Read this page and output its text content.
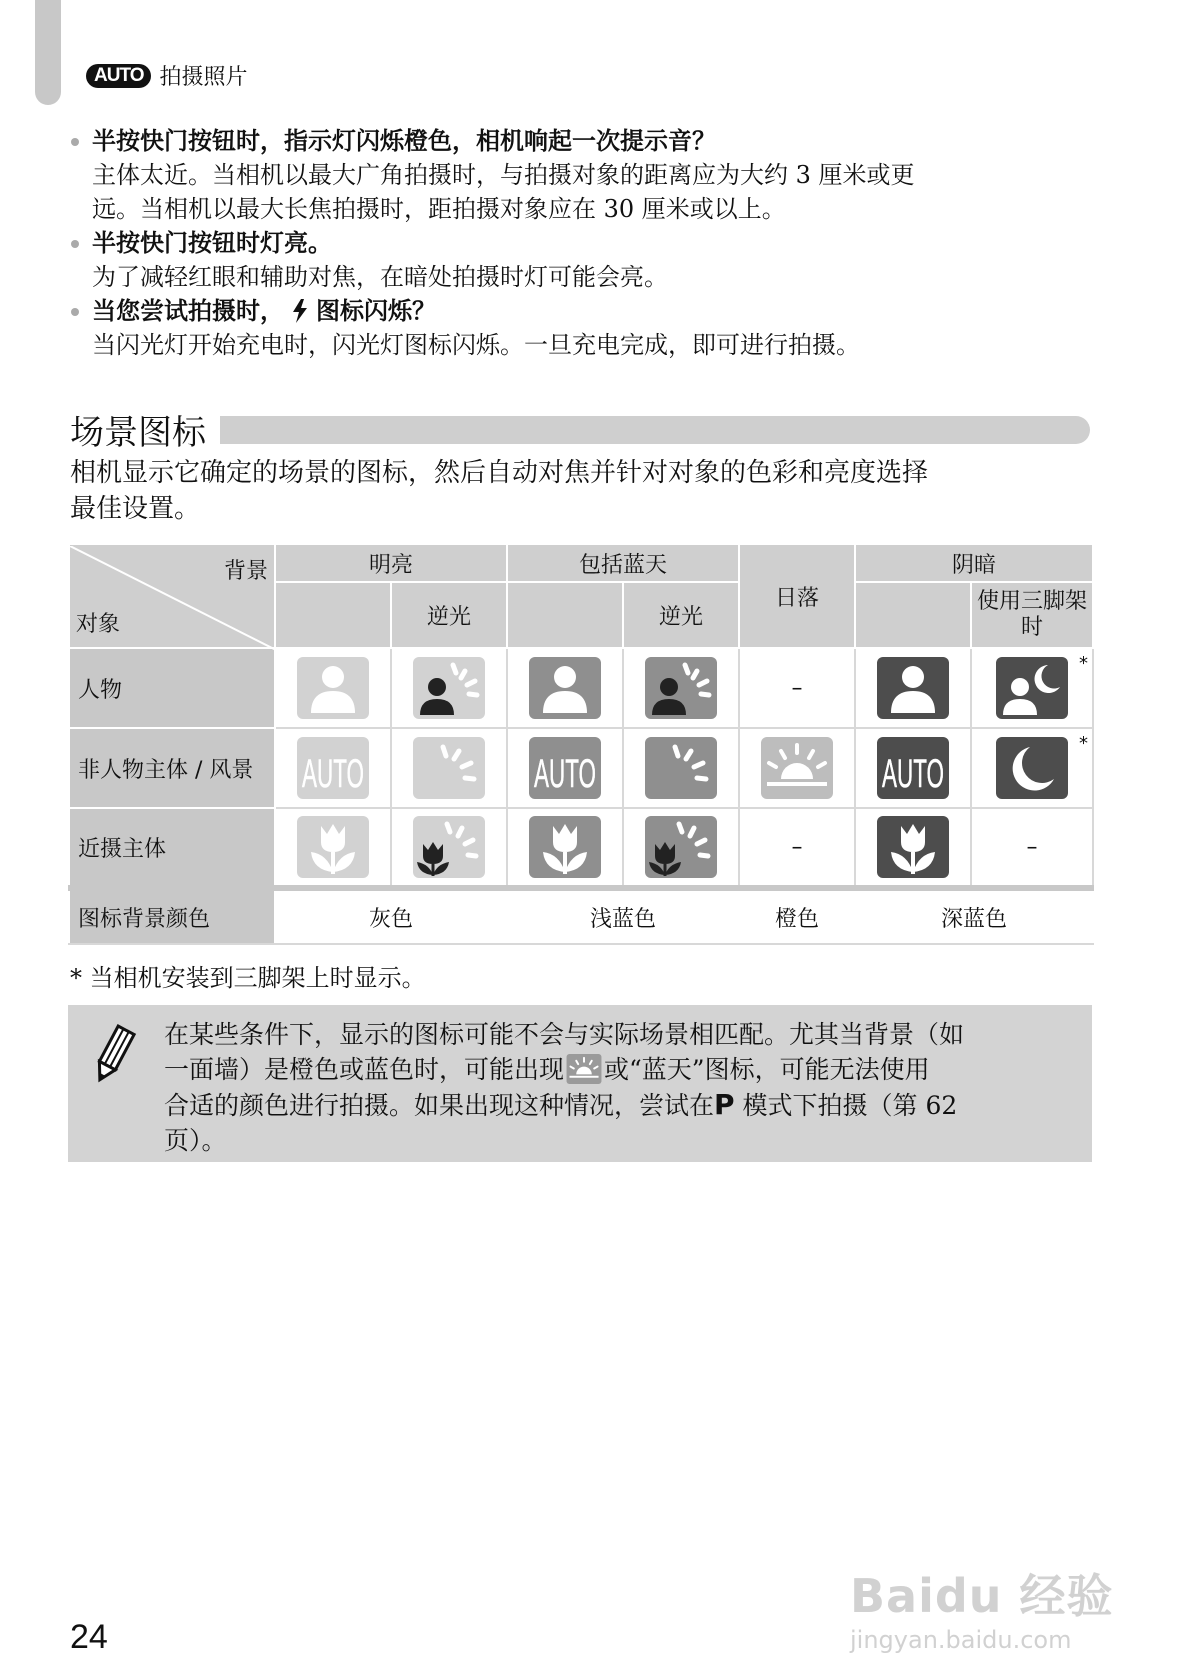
AUTO 拍摄照片
半按快门按钮时，指示灯闪烁橙色，相机响起一次提示音？
主体太近。当相机以最大广角拍摄时，与拍摄对象的距离应为大约 3 厘米或更
远。当相机以最大长焦拍摄时，距拍摄对象应在 30 厘米或以上。
半按快门按钮时灯亮。
为了减轻红眼和辅助对焦，在暗处拍摄时灯可能会亮。
当您尝试拍摄时， 图标闪烁？
当闪光灯开始充电时，闪光灯图标闪烁。一旦充电完成，即可进行拍摄。
场景图标
相机显示它确定的场景的图标，然后自动对焦并针对对象的色彩和亮度选择
最佳设置。
背景
对象	明亮		包括蓝天		日落	阴暗	
		逆光		逆光			使用三脚架时
人物					–		*

非人物主体 / 风景							*

近摄主体					–		–
图标背景颜色	灰色		浅蓝色		橙色	深蓝色	
* 当相机安装到三脚架上时显示。
在某些条件下，显示的图标可能不会与实际场景相匹配。尤其当背景（如
一面墙）是橙色或蓝色时，可能出现 或“蓝天”图标，可能无法使用
合适的颜色进行拍摄。如果出现这种情况，尝试在P 模式下拍摄（第 62
页）。
24
Baidu 经验
jingyan.baidu.com
